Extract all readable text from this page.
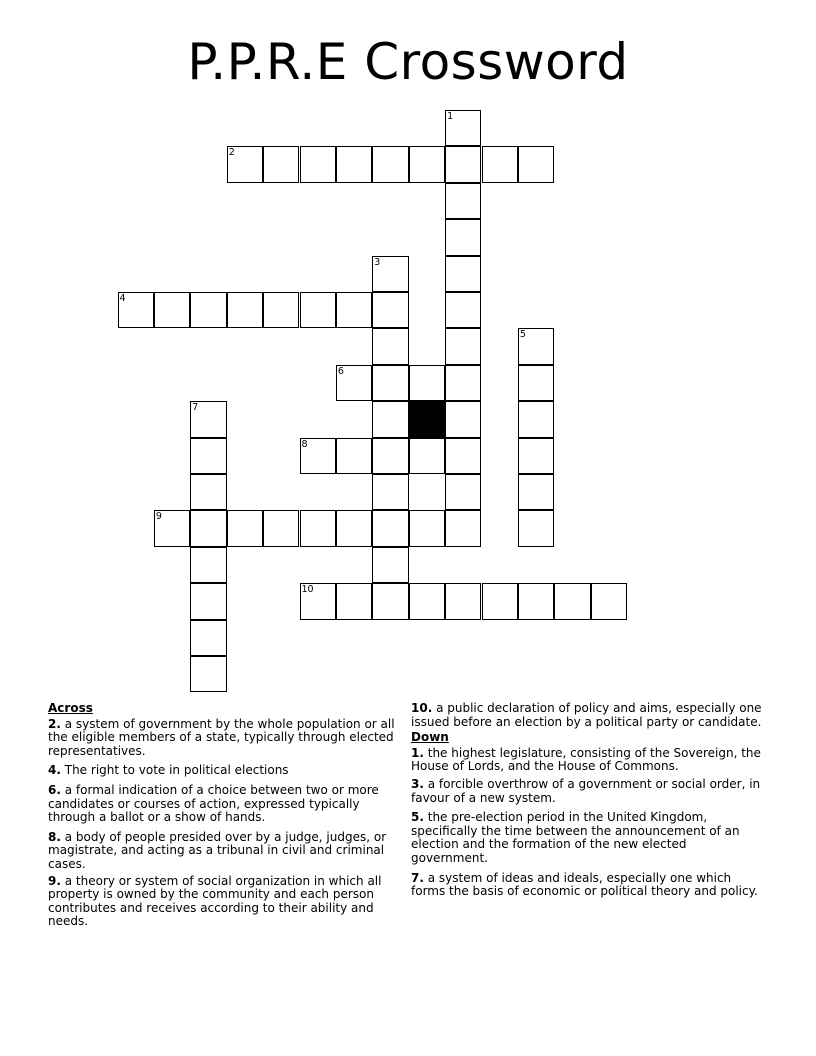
P.P.R.E Crossword
1
2
3
4
5
6
7
8
9
10
Across
2. a system of government by the whole population or all the eligible members of a state, typically through elected representatives.
4. The right to vote in political elections
6. a formal indication of a choice between two or more candidates or courses of action, expressed typically through a ballot or a show of hands.
8. a body of people presided over by a judge, judges, or magistrate, and acting as a tribunal in civil and criminal cases.
9. a theory or system of social organization in which all property is owned by the community and each person contributes and receives according to their ability and needs.
10. a public declaration of policy and aims, especially one issued before an election by a political party or candidate.
Down
1. the highest legislature, consisting of the Sovereign, the House of Lords, and the House of Commons.
3. a forcible overthrow of a government or social order, in favour of a new system.
5. the pre-election period in the United Kingdom, specifically the time between the announcement of an election and the formation of the new elected government.
7. a system of ideas and ideals, especially one which forms the basis of economic or political theory and policy.
